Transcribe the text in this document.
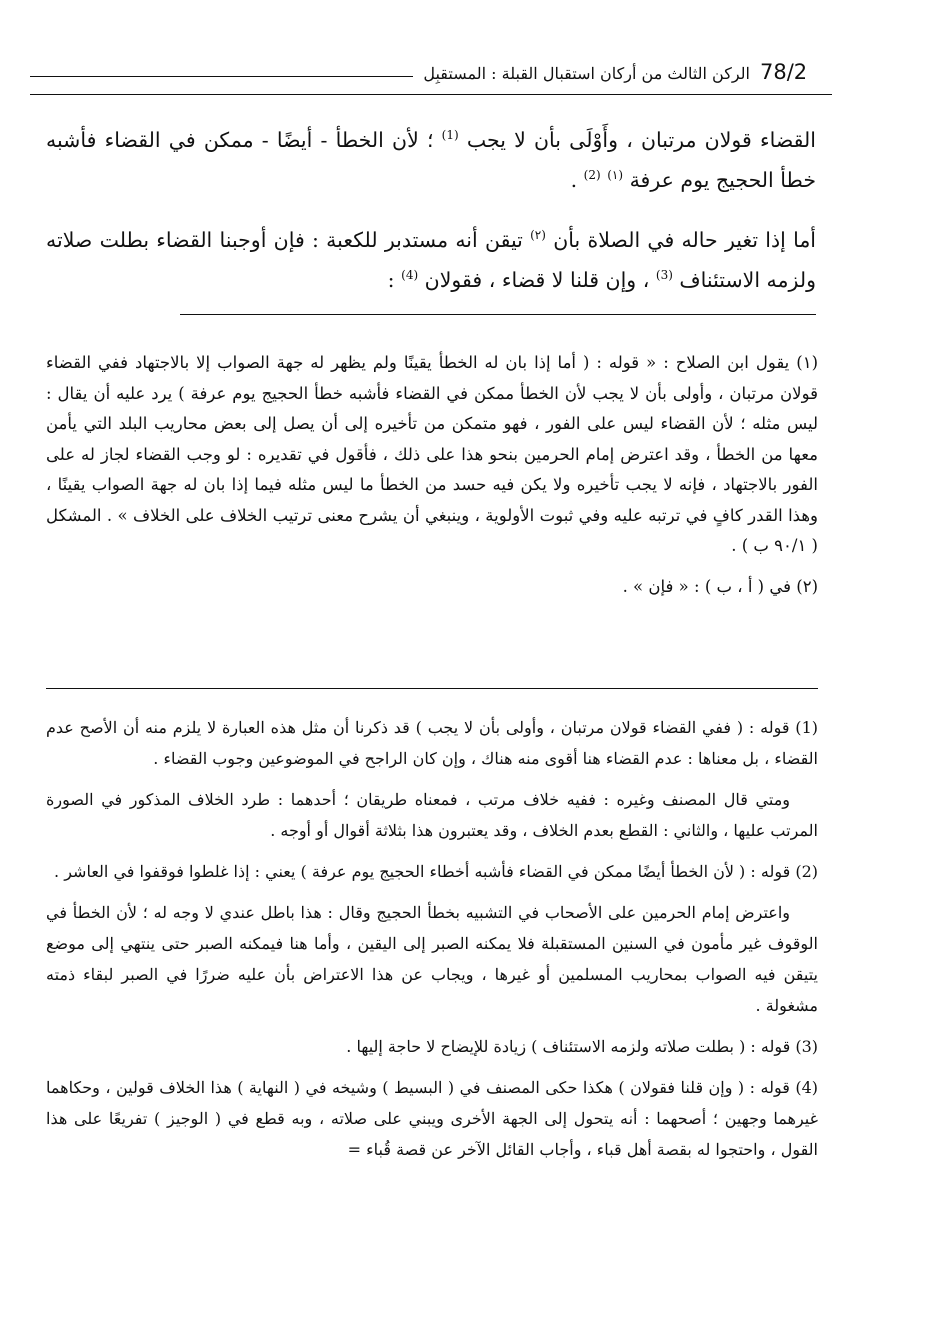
78/2
الركن الثالث من أركان استقبال القبلة : المستقبِل

القضاء قولان مرتبان ، وأَوْلَى بأن لا يجب $^{(1)}$ ؛ لأن الخطأ - أيضًا - ممكن في القضاء فأشبه خطأ الحجيج يوم عرفة $^{(١)}$ $^{(2)}$ .

أما إذا تغير حاله في الصلاة بأن $^{(٢)}$ تيقن أنه مستدبر للكعبة : فإن أوجبنا القضاء بطلت صلاته ولزمه الاستئناف $^{(3)}$ ، وإن قلنا لا قضاء ، فقولان $^{(4)}$ :

(١) يقول ابن الصلاح : « قوله : ( أما إذا بان له الخطأ يقينًا ولم يظهر له جهة الصواب إلا بالاجتهاد ففي القضاء قولان مرتبان ، وأولى بأن لا يجب لأن الخطأ ممكن في القضاء فأشبه خطأ الحجيج يوم عرفة ) يرد عليه أن يقال : ليس مثله ؛ لأن القضاء ليس على الفور ، فهو متمكن من تأخيره إلى أن يصل إلى بعض محاريب البلد التي يأمن معها من الخطأ ، وقد اعترض إمام الحرمين بنحو هذا على ذلك ، فأقول في تقديره : لو وجب القضاء لجاز له على الفور بالاجتهاد ، فإنه لا يجب تأخيره ولا يكن فيه حسد من الخطأ ما ليس مثله فيما إذا بان له جهة الصواب يقينًا ، وهذا القدر كافٍ في ترتبه عليه وفي ثبوت الأولوية ، وينبغي أن يشرح معنى ترتيب الخلاف على الخلاف » . المشكل ( ٩٠/١ ب ) .

(٢) في ( أ ، ب ) : « فإن » .

(1) قوله : ( ففي القضاء قولان مرتبان ، وأولى بأن لا يجب ) قد ذكرنا أن مثل هذه العبارة لا يلزم منه أن الأصح عدم القضاء ، بل معناها : عدم القضاء هنا أقوى منه هناك ، وإن كان الراجح في الموضوعين وجوب القضاء .

ومتي قال المصنف وغيره : ففيه خلاف مرتب ، فمعناه طريقان ؛ أحدهما : طرد الخلاف المذكور في الصورة المرتب عليها ، والثاني : القطع بعدم الخلاف ، وقد يعتبرون هذا بثلاثة أقوال أو أوجه .

(2) قوله : ( لأن الخطأ أيضًا ممكن في القضاء فأشبه أخطاء الحجيج يوم عرفة ) يعني : إذا غلطوا فوقفوا في العاشر .

واعترض إمام الحرمين على الأصحاب في التشبيه بخطأ الحجيج وقال : هذا باطل عندي لا وجه له ؛ لأن الخطأ في الوقوف غير مأمون في السنين المستقبلة فلا يمكنه الصبر إلى اليقين ، وأما هنا فيمكنه الصبر حتى ينتهي إلى موضع يتيقن فيه الصواب بمحاريب المسلمين أو غيرها ، ويجاب عن هذا الاعتراض بأن عليه ضررًا في الصبر لبقاء ذمته مشغولة .

(3) قوله : ( بطلت صلاته ولزمه الاستئناف ) زيادة للإيضاح لا حاجة إليها .

(4) قوله : ( وإن قلنا فقولان ) هكذا حكى المصنف في ( البسيط ) وشيخه في ( النهاية ) هذا الخلاف قولين ، وحكاهما غيرهما وجهين ؛ أصحهما : أنه يتحول إلى الجهة الأخرى ويبني على صلاته ، وبه قطع في ( الوجيز ) تفريعًا على هذا القول ، واحتجوا له بقصة أهل قباء ، وأجاب القائل الآخر عن قصة قُباء =
